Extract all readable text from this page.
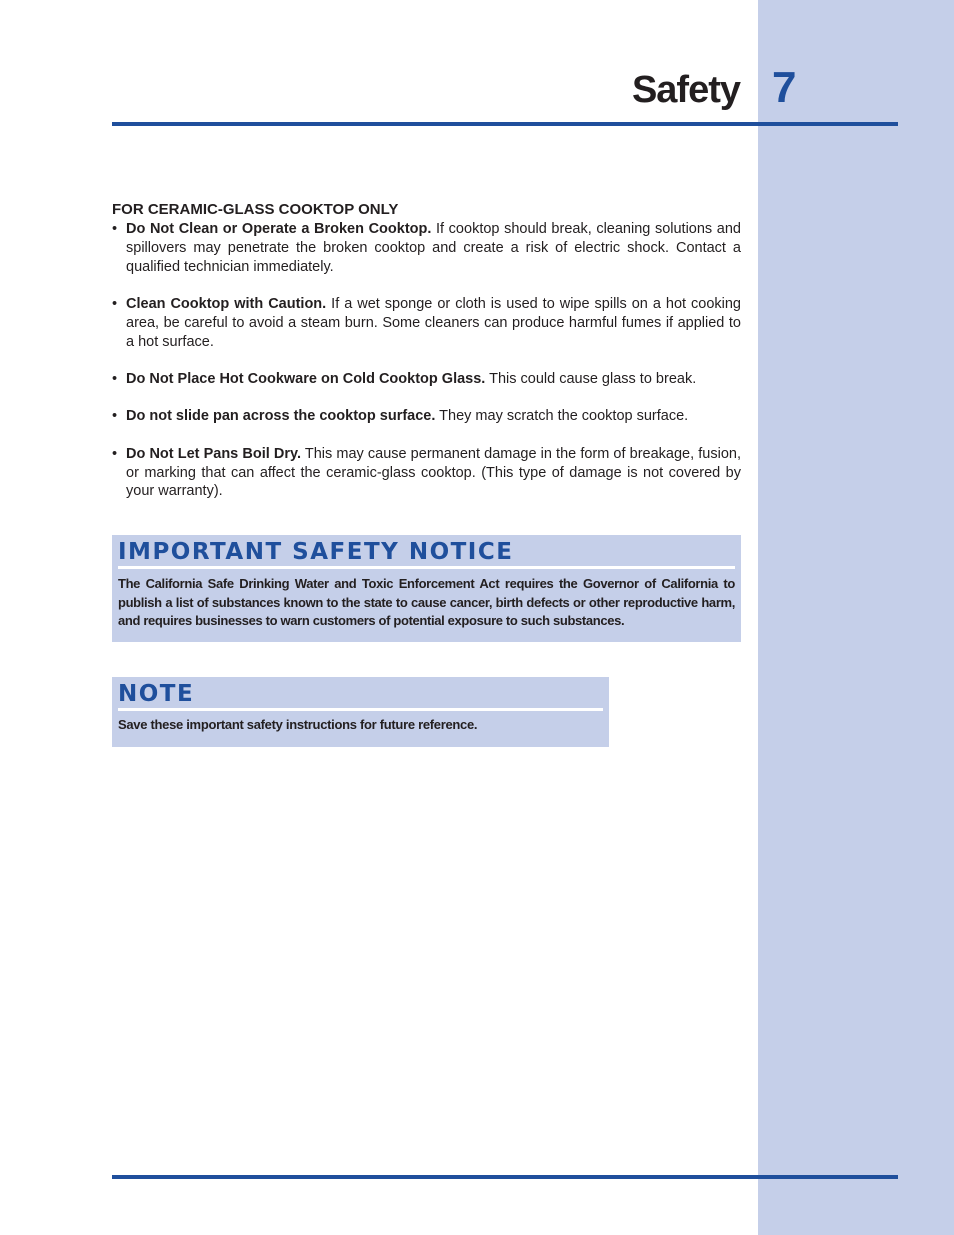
Safety 7

FOR CERAMIC-GLASS COOKTOP ONLY

• Do Not Clean or Operate a Broken Cooktop. If cooktop should break, cleaning solutions and spillovers may penetrate the broken cooktop and create a risk of electric shock. Contact a qualified technician immediately.
• Clean Cooktop with Caution. If a wet sponge or cloth is used to wipe spills on a hot cooking area, be careful to avoid a steam burn. Some cleaners can produce harmful fumes if applied to a hot surface.
• Do Not Place Hot Cookware on Cold Cooktop Glass. This could cause glass to break.
• Do not slide pan across the cooktop surface. They may scratch the cooktop surface.
• Do Not Let Pans Boil Dry. This may cause permanent damage in the form of breakage, fusion, or marking that can affect the ceramic-glass cooktop. (This type of damage is not covered by your warranty).
IMPORTANT SAFETY NOTICE
The California Safe Drinking Water and Toxic Enforcement Act requires the Governor of California to publish a list of substances known to the state to cause cancer, birth defects or other reproductive harm, and requires businesses to warn customers of potential exposure to such substances.
NOTE
Save these important safety instructions for future reference.
